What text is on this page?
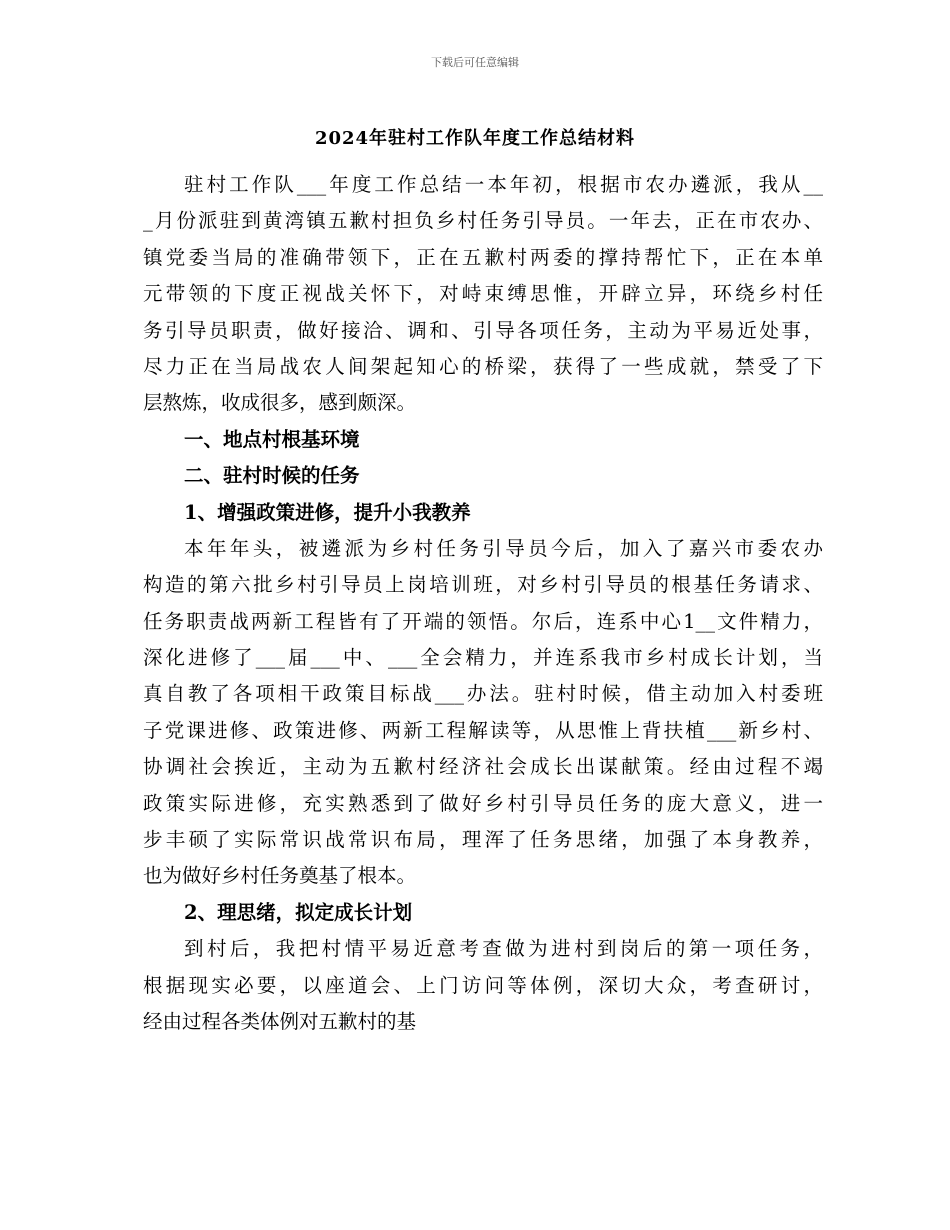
下载后可任意编辑
2024年驻村工作队年度工作总结材料
驻村工作队___年度工作总结一本年初，根据市农办遴派，我从__
_月份派驻到黄湾镇五歉村担负乡村任务引导员。一年去，正在市农办、
镇党委当局的准确带领下，正在五歉村两委的撑持帮忙下，正在本单
元带领的下度正视战关怀下，对峙束缚思惟，开辟立异，环绕乡村任
务引导员职责，做好接洽、调和、引导各项任务，主动为平易近处事，
尽力正在当局战农人间架起知心的桥梁，获得了一些成就，禁受了下
层熬炼，收成很多，感到颇深。
一、地点村根基环境
二、驻村时候的任务
1、增强政策进修，提升小我教养
本年年头，被遴派为乡村任务引导员今后，加入了嘉兴市委农办
构造的第六批乡村引导员上岗培训班，对乡村引导员的根基任务请求、
任务职责战两新工程皆有了开端的领悟。尔后，连系中心1__文件精力，
深化进修了___届___中、___全会精力，并连系我市乡村成长计划，当
真自教了各项相干政策目标战___办法。驻村时候，借主动加入村委班
子党课进修、政策进修、两新工程解读等，从思惟上背扶植___新乡村、
协调社会挨近，主动为五歉村经济社会成长出谋献策。经由过程不竭
政策实际进修，充实熟悉到了做好乡村引导员任务的庞大意义，进一
步丰硕了实际常识战常识布局，理浑了任务思绪，加强了本身教养，
也为做好乡村任务奠基了根本。
2、理思绪，拟定成长计划
到村后，我把村情平易近意考查做为进村到岗后的第一项任务，
根据现实必要，以座道会、上门访问等体例，深切大众，考查研讨，
经由过程各类体例对五歉村的基
